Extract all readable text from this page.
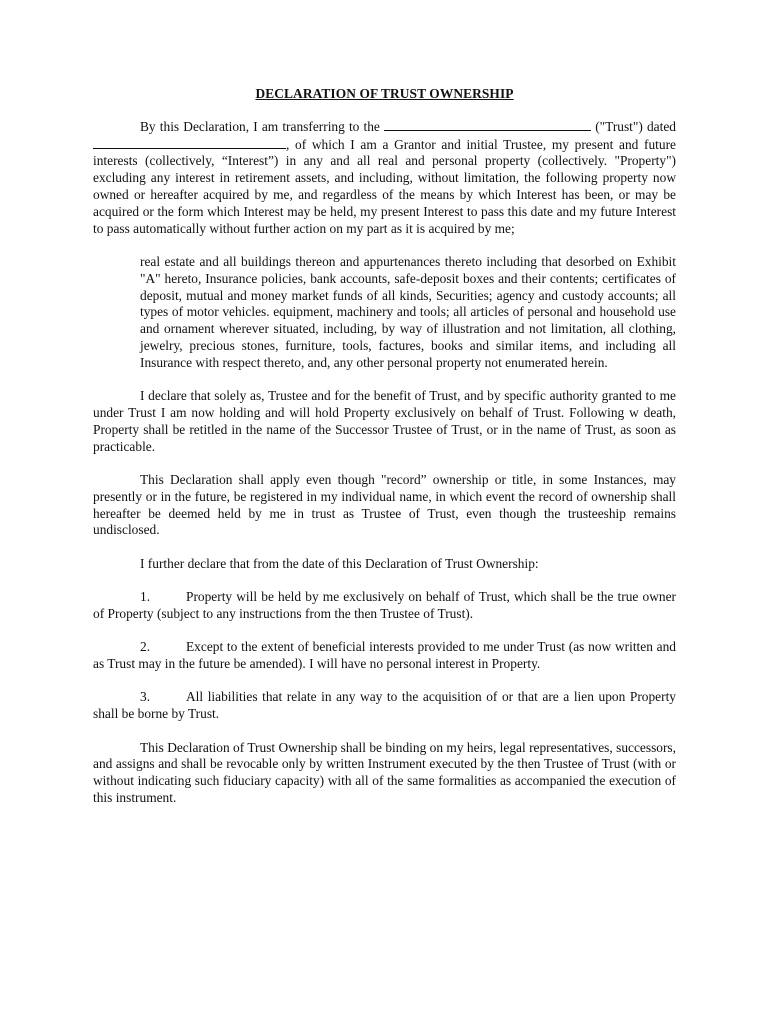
DECLARATION OF TRUST OWNERSHIP

By this Declaration, I am transferring to the	("Trust") dated , of which I am a Grantor and initial Trustee, my present and future interests (collectively, “Interest”) in any and all real and personal property (collectively. "Property") excluding any interest in retirement assets, and including, without limitation, the following property now owned or hereafter acquired by me, and regardless of the means by which Interest has been, or may be acquired or the form which Interest may be held, my present Interest to pass this date and my future Interest to pass automatically without further action on my part as it is acquired by me;

real estate and all buildings thereon and appurtenances thereto including that desorbed on Exhibit "A" hereto, Insurance policies, bank accounts, safe-deposit boxes and their contents; certificates of deposit, mutual and money market funds of all kinds, Securities; agency and custody accounts; all types of motor vehicles. equipment, machinery and tools; all articles of personal and household use and ornament wherever situated, including, by way of illustration and not limitation, all clothing, jewelry, precious stones, furniture, tools, factures, books and similar items, and including all Insurance with respect thereto, and, any other personal property not enumerated herein.

I declare that solely as, Trustee and for the benefit of Trust, and by specific authority granted to me under Trust I am now holding and will hold Property exclusively on behalf of Trust. Following w death, Property shall be retitled in the name of the Successor Trustee of Trust, or in the name of Trust, as soon as practicable.

This Declaration shall apply even though "record” ownership or title, in some Instances, may presently or in the future, be registered in my individual name, in which event the record of ownership shall hereafter be deemed held by me in trust as Trustee of Trust, even though the trusteeship remains undisclosed.

I further declare that from the date of this Declaration of Trust Ownership:

1.	Property will be held by me exclusively on behalf of Trust, which shall be the true owner of Property (subject to any instructions from the then Trustee of Trust).

2.	Except to the extent of beneficial interests provided to me under Trust (as now written and as Trust may in the future be amended). I will have no personal interest in Property.

3.	All liabilities that relate in any way to the acquisition of or that are a lien upon Property shall be borne by Trust.

This Declaration of Trust Ownership shall be binding on my heirs, legal representatives, successors, and assigns and shall be revocable only by written Instrument executed by the then Trustee of Trust (with or without indicating such fiduciary capacity) with all of the same formalities as accompanied the execution of this instrument.
